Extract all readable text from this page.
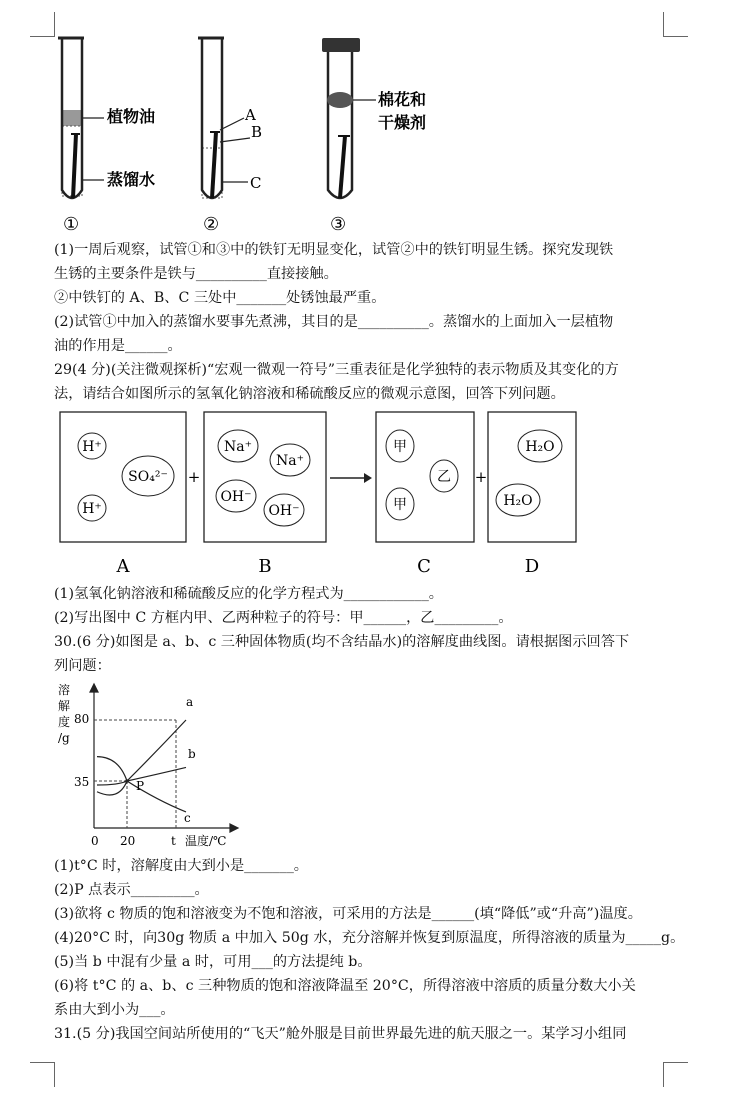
植物油
蒸馏水
①
A
B
C
②
棉花和
干燥剂
③
(1)一周后观察，试管①和③中的铁钉无明显变化，试管②中的铁钉明显生锈。探究发现铁
生锈的主要条件是铁与__________直接接触。
②中铁钉的 A、B、C 三处中_______处锈蚀最严重。
(2)试管①中加入的蒸馏水要事先煮沸，其目的是__________。蒸馏水的上面加入一层植物
油的作用是______。
29(4 分)(关注微观探析)“宏观一微观一符号”三重表征是化学独特的表示物质及其变化的方
法，请结合如图所示的氢氧化钠溶液和稀硫酸反应的微观示意图，回答下列问题。
H⁺
SO₄²⁻
H⁺
+
Na⁺
Na⁺
OH⁻
OH⁻
甲
乙
甲
+
H₂O
H₂O
A	B	C	D
(1)氢氧化钠溶液和稀硫酸反应的化学方程式为____________。
(2)写出图中 C 方框内甲、乙两种粒子的符号：甲______，乙_________。
30.(6 分)如图是 a、b、c 三种固体物质(均不含结晶水)的溶解度曲线图。请根据图示回答下
列问题：
溶
解
度
/g
80
35
0 20	t 温度/℃
P
a
b
c
(1)t°C 时，溶解度由大到小是_______。
(2)P 点表示_________。
(3)欲将 c 物质的饱和溶液变为不饱和溶液，可采用的方法是______(填“降低”或“升高”)温度。
(4)20°C 时，向30g 物质 a 中加入 50g 水，充分溶解并恢复到原温度，所得溶液的质量为_____g。
(5)当 b 中混有少量 a 时，可用___的方法提纯 b。
(6)将 t°C 的 a、b、c 三种物质的饱和溶液降温至 20°C，所得溶液中溶质的质量分数大小关
系由大到小为___。
31.(5 分)我国空间站所使用的“飞天”舱外服是目前世界最先进的航天服之一。某学习小组同
